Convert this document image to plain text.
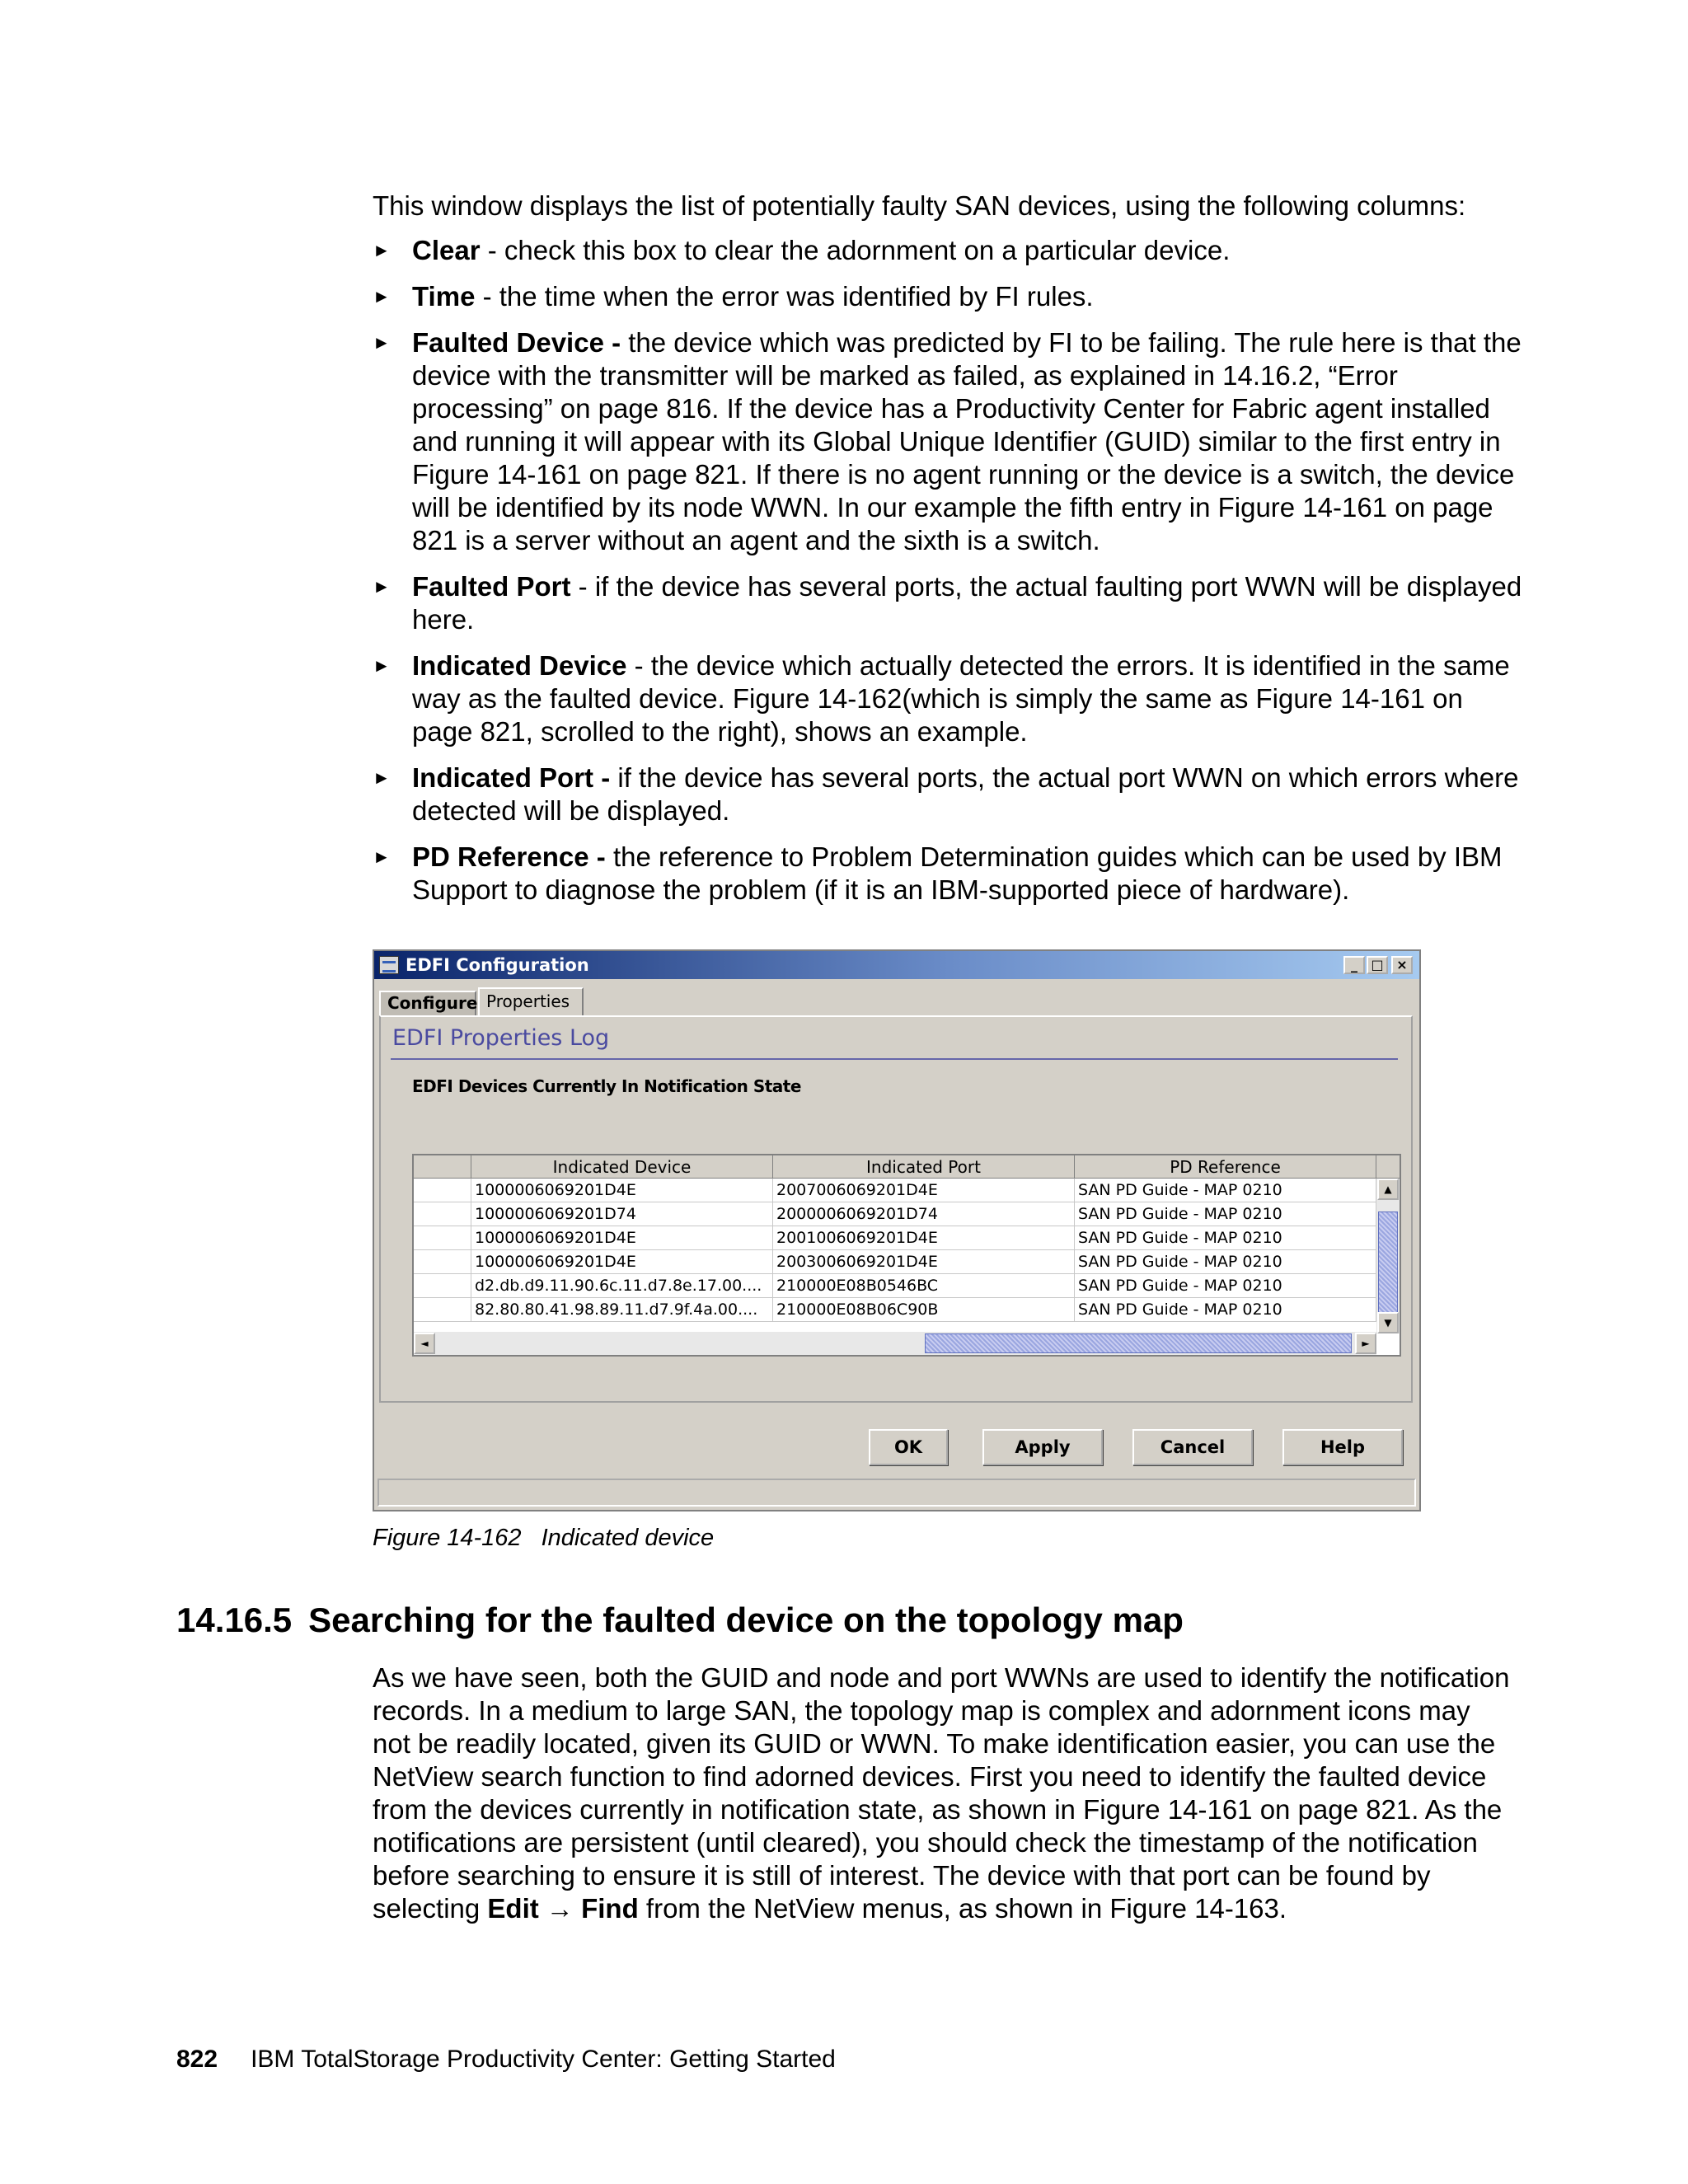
This window displays the list of potentially faulty SAN devices, using the following columns:

► Clear - check this box to clear the adornment on a particular device.
► Time - the time when the error was identified by FI rules.
► Faulted Device - the device which was predicted by FI to be failing. The rule here is that the device with the transmitter will be marked as failed, as explained in 14.16.2, “Error processing” on page 816. If the device has a Productivity Center for Fabric agent installed and running it will appear with its Global Unique Identifier (GUID) similar to the first entry in Figure 14-161 on page 821. If there is no agent running or the device is a switch, the device will be identified by its node WWN. In our example the fifth entry in Figure 14-161 on page 821 is a server without an agent and the sixth is a switch.
► Faulted Port - if the device has several ports, the actual faulting port WWN will be displayed here.
► Indicated Device - the device which actually detected the errors. It is identified in the same way as the faulted device. Figure 14-162(which is simply the same as Figure 14-161 on page 821, scrolled to the right), shows an example.
► Indicated Port - if the device has several ports, the actual port WWN on which errors where detected will be displayed.
► PD Reference - the reference to Problem Determination guides which can be used by IBM Support to diagnose the problem (if it is an IBM-supported piece of hardware).
EDFI Configuration	_	□ ×
Configure Properties
EDFI Properties Log
EDFI Devices Currently In Notification State
Indicated Device	Indicated Port	PD Reference
1000006069201D4E	2007006069201D4E	SAN PD Guide - MAP 0210
1000006069201D74	2000006069201D74	SAN PD Guide - MAP 0210
1000006069201D4E	2001006069201D4E	SAN PD Guide - MAP 0210
1000006069201D4E	2003006069201D4E	SAN PD Guide - MAP 0210
d2.db.d9.11.90.6c.11.d7.8e.17.00.... 210000E08B0546BC	SAN PD Guide - MAP 0210
82.80.80.41.98.89.11.d7.9f.4a.00....	210000E08B06C90B	SAN PD Guide - MAP 0210
▲
▼
◄	►
OK	Apply	Cancel	Help
Figure 14-162 Indicated device
14.16.5 Searching for the faulted device on the topology map

As we have seen, both the GUID and node and port WWNs are used to identify the notification records. In a medium to large SAN, the topology map is complex and adornment icons may not be readily located, given its GUID or WWN. To make identification easier, you can use the NetView search function to find adorned devices. First you need to identify the faulted device from the devices currently in notification state, as shown in Figure 14-161 on page 821. As the notifications are persistent (until cleared), you should check the timestamp of the notification before searching to ensure it is still of interest. The device with that port can be found by selecting Edit → Find from the NetView menus, as shown in Figure 14-163.

822 IBM TotalStorage Productivity Center: Getting Started
